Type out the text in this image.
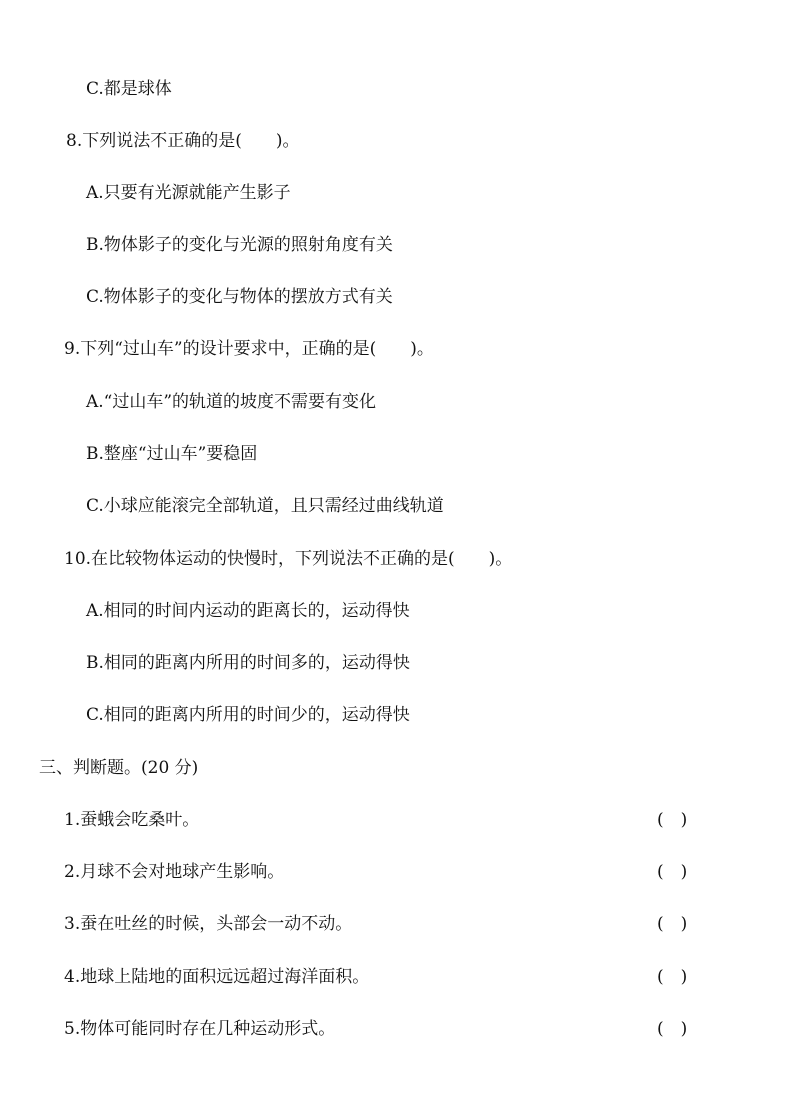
C.都是球体
8.下列说法不正确的是(　　)。
A.只要有光源就能产生影子
B.物体影子的变化与光源的照射角度有关
C.物体影子的变化与物体的摆放方式有关
9.下列“过山车”的设计要求中，正确的是(　　)。
A.“过山车”的轨道的坡度不需要有变化
B.整座“过山车”要稳固
C.小球应能滚完全部轨道，且只需经过曲线轨道
10.在比较物体运动的快慢时，下列说法不正确的是(　　)。
A.相同的时间内运动的距离长的，运动得快
B.相同的距离内所用的时间多的，运动得快
C.相同的距离内所用的时间少的，运动得快
三、判断题。(20 分)
1.蚕蛾会吃桑叶。	(　)
2.月球不会对地球产生影响。	(　)
3.蚕在吐丝的时候，头部会一动不动。	(　)
4.地球上陆地的面积远远超过海洋面积。	(　)
5.物体可能同时存在几种运动形式。	(　)
